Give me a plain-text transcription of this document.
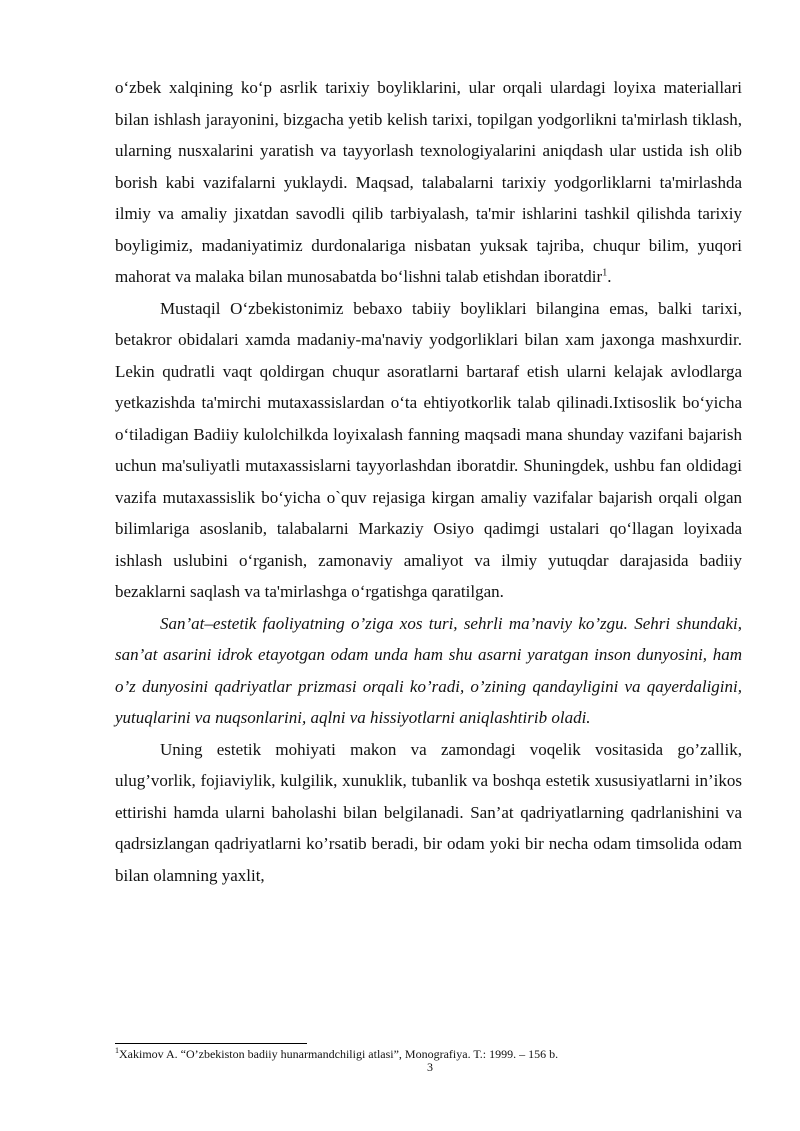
o‘zbek xalqining ko‘p asrlik tarixiy boyliklarini, ular orqali ulardagi loyixa materiallari bilan ishlash jarayonini, bizgacha yetib kelish tarixi, topilgan yodgorlikni ta'mirlash tiklash, ularning nusxalarini yaratish va tayyorlash texnologiyalarini aniqdash ular ustida ish olib borish kabi vazifalarni yuklaydi. Maqsad, talabalarni tarixiy yodgorliklarni ta'mirlashda ilmiy va amaliy jixatdan savodli qilib tarbiyalash, ta'mir ishlarini tashkil qilishda tarixiy boyligimiz, madaniyatimiz durdonalariga nisbatan yuksak tajriba, chuqur bilim, yuqori mahorat va malaka bilan munosabatda bo‘lishni talab etishdan iboratdir$^1$.

Mustaqil O‘zbekistonimiz bebaxo tabiiy boyliklari bilangina emas, balki tarixi, betakror obidalari xamda madaniy-ma'naviy yodgorliklari bilan xam jaxonga mashxurdir. Lekin qudratli vaqt qoldirgan chuqur asoratlarni bartaraf etish ularni kelajak avlodlarga yetkazishda ta'mirchi mutaxassislardan o‘ta ehtiyotkorlik talab qilinadi.Ixtisoslik bo‘yicha o‘tiladigan Badiiy kulolchilkda loyixalash fanning maqsadi mana shunday vazifani bajarish uchun ma'suliyatli mutaxassislarni tayyorlashdan iboratdir. Shuningdek, ushbu fan oldidagi vazifa mutaxassislik bo‘yicha o`quv rejasiga kirgan amaliy vazifalar bajarish orqali olgan bilimlariga asoslanib, talabalarni Markaziy Osiyo qadimgi ustalari qo‘llagan loyixada ishlash uslubini o‘rganish, zamonaviy amaliyot va ilmiy yutuqdar darajasida badiiy bezaklarni saqlash va ta'mirlashga o‘rgatishga qaratilgan.

San’at–estetik faoliyatning o’ziga xos turi, sehrli ma’naviy ko’zgu. Sehri shundaki, san’at asarini idrok etayotgan odam unda ham shu asarni yaratgan inson dunyosini, ham o’z dunyosini qadriyatlar prizmasi orqali ko’radi, o’zining qandayligini va qayerdaligini, yutuqlarini va nuqsonlarini, aqlni va hissiyotlarni aniqlashtirib oladi.

Uning estetik mohiyati makon va zamondagi voqelik vositasida go’zallik, ulug’vorlik, fojiaviylik, kulgilik, xunuklik, tubanlik va boshqa estetik xususiyatlarni in’ikos ettirishi hamda ularni baholashi bilan belgilanadi. San’at qadriyatlarning qadrlanishini va qadrsizlangan qadriyatlarni ko’rsatib beradi, bir odam yoki bir necha odam timsolida odam bilan olamning yaxlit,

$^1$Xakimov A. “O’zbekiston badiiy hunarmandchiligi atlasi”, Monografiya. T.: 1999. – 156 b.
3
